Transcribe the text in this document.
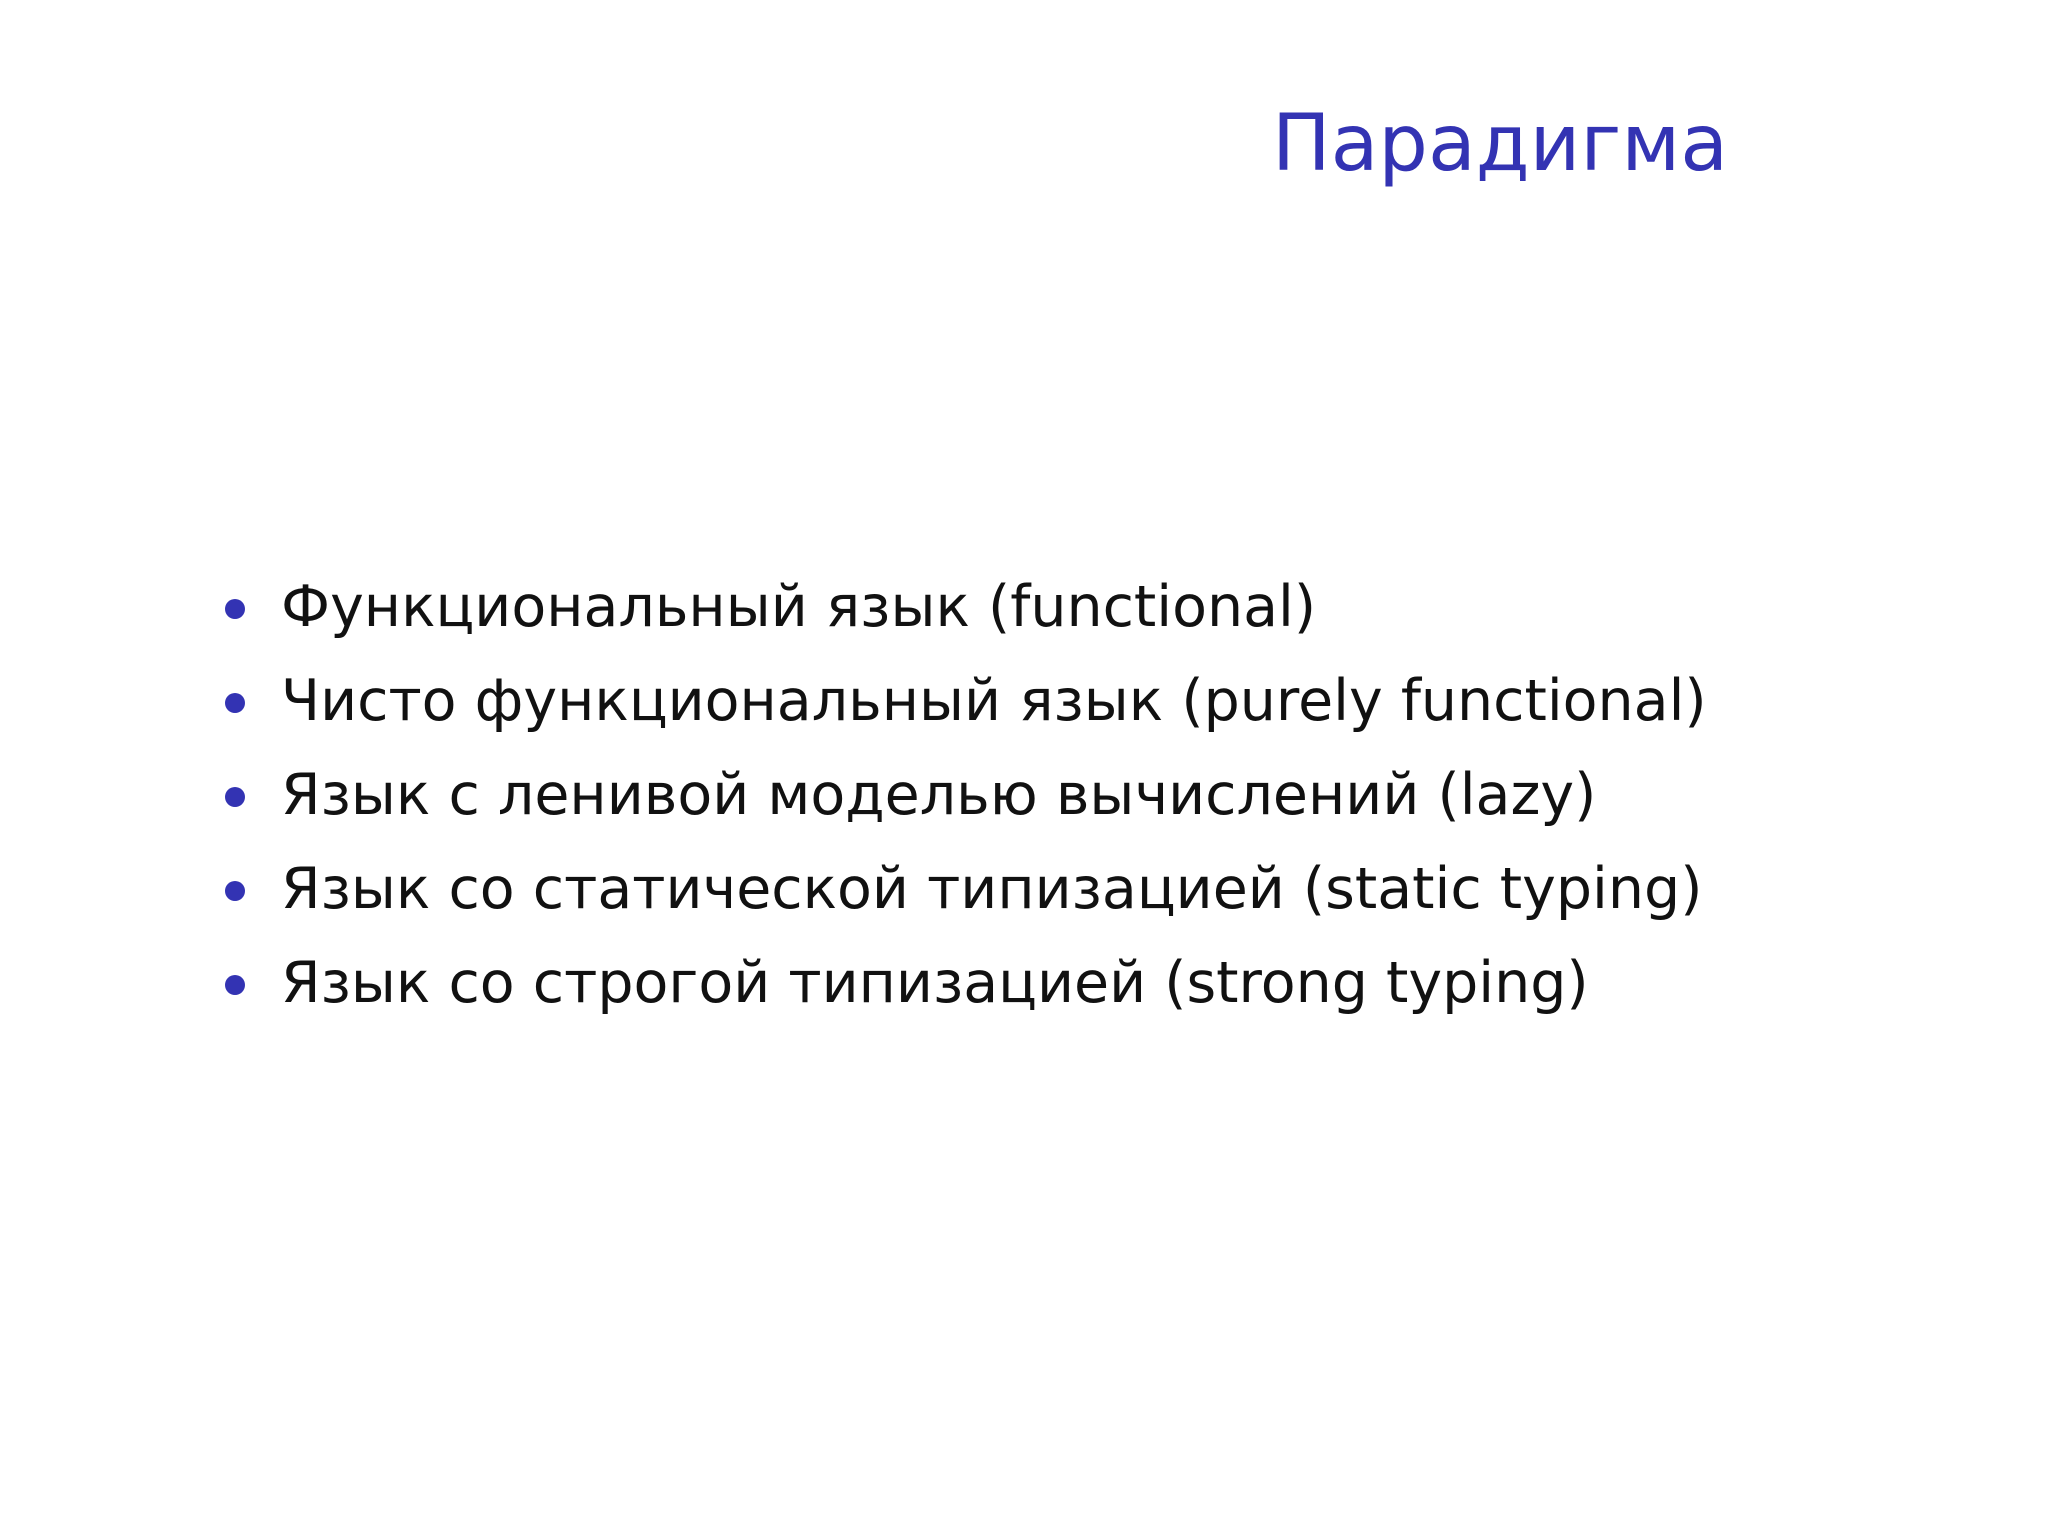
Парадигма
Функциональный язык (functional)
Чисто функциональный язык (purely functional)
Язык с ленивой моделью вычислений (lazy)
Язык со статической типизацией (static typing)
Язык со строгой типизацией (strong typing)
